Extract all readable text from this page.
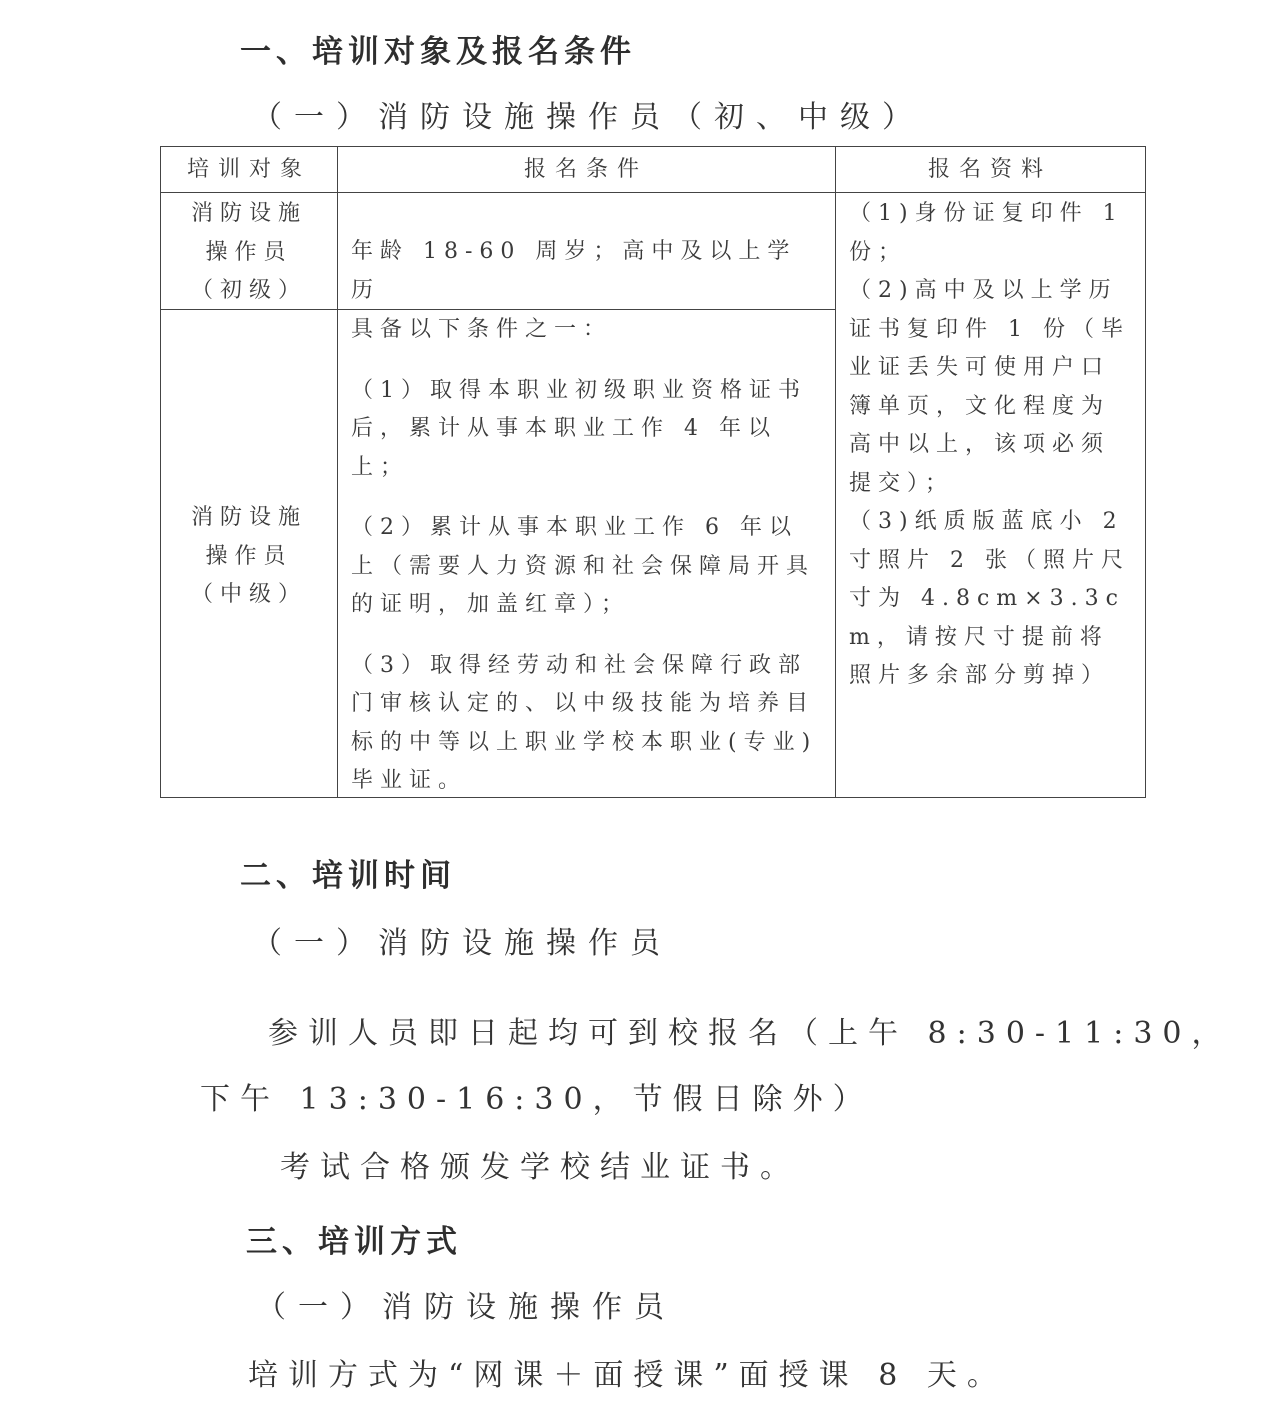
一、培训对象及报名条件
（一）消防设施操作员（初、中级）
培训对象	报名条件	报名资料
消防设施
操作员
（初级）
年龄 18-60 周岁；高中及以上学历
消防设施
操作员
（中级）
具备以下条件之一：
（1）取得本职业初级职业资格证书后，累计从事本职业工作 4 年以上；
（2）累计从事本职业工作 6 年以上（需要人力资源和社会保障局开具的证明，加盖红章）；
（3）取得经劳动和社会保障行政部门审核认定的、以中级技能为培养目标的中等以上职业学校本职业(专业)毕业证。
（1)身份证复印件 1 份；
（2)高中及以上学历证书复印件 1 份（毕业证丢失可使用户口簿单页，文化程度为高中以上，该项必须提交）；
（3)纸质版蓝底小 2 寸照片 2 张（照片尺寸为 4.8cm×3.3cm，请按尺寸提前将照片多余部分剪掉）
二、培训时间
（一）消防设施操作员
参训人员即日起均可到校报名（上午 8:30-11:30，
下午 13:30-16:30，节假日除外）
考试合格颁发学校结业证书。
三、培训方式
（一）消防设施操作员
培训方式为“网课＋面授课”面授课 8 天。
